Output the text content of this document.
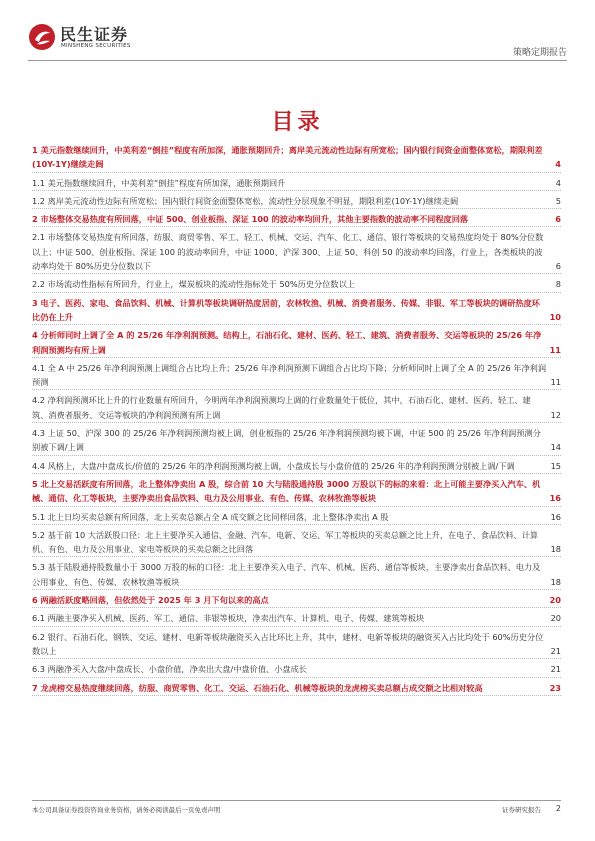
民生证券
MINSHENG SECURITIES
策略定期报告
目录
1 美元指数继续回升，中美利差“倒挂”程度有所加深，通胀预期回升；离岸美元流动性边际有所宽松；国内银行间资金面整体宽松，期限利差(10Y-1Y)继续走阔	4
1.1 美元指数继续回升，中美利差“倒挂”程度有所加深，通胀预期回升	4
1.2 离岸美元流动性边际有所宽松；国内银行间资金面整体宽松，流动性分层现象不明显，期限利差(10Y-1Y)继续走阔	5
2 市场整体交易热度有所回落，中证 500、创业板指、深证 100 的波动率均回升，其他主要指数的波动率不同程度回落	6
2.1 市场整体交易热度有所回落，纺服、商贸零售、军工、轻工、机械、交运、汽车、化工、通信、银行等板块的交易热度均处于 80%分位数以上；中证 500、创业板指、深证 100 的波动率回升，中证 1000、沪深 300、上证 50、科创 50 的波动率均回落，行业上，各类板块的波动率均处于 80%历史分位数以下	6
2.2 市场流动性指标有所回升，行业上，煤炭板块的流动性指标处于 50%历史分位数以上	8
3 电子、医药、家电、食品饮料、机械、计算机等板块调研热度居前，农林牧渔、机械、消费者服务、传媒、非银、军工等板块的调研热度环比仍在上升	10
4 分析师同时上调了全 A 的 25/26 年净利润预测。结构上，石油石化、建材、医药、轻工、建筑、消费者服务、交运等板块的 25/26 年净利润预测均有所上调	11
4.1 全 A 中 25/26 年净利润预测上调组合占比均上升；25/26 年净利润预测下调组合占比均下降；分析师同时上调了全 A 的 25/26 年净利润预测	11
4.2 净利润预测环比上升的行业数量有所回升，今明两年净利润预测均上调的行业数量处于低位，其中，石油石化、建材、医药、轻工、建筑、消费者服务、交运等板块的净利润预测有所上调	12
4.3 上证 50、沪深 300 的 25/26 年净利润预测均被上调，创业板指的 25/26 年净利润预测均被下调，中证 500 的 25/26 年净利润预测分别被下调/上调	14
4.4 风格上，大盘/中盘成长/价值的 25/26 年的净利润预测均被上调，小盘成长与小盘价值的 25/26 年的净利润预测分别被上调/下调	15
5 北上交易活跃度有所回落，北上整体净卖出 A 股，综合前 10 大与陆股通持股 3000 万股以下的标的来看：北上可能主要净买入汽车、机械、通信、化工等板块，主要净卖出食品饮料、电力及公用事业、有色、传媒、农林牧渔等板块	16
5.1 北上日均买卖总额有所回落，北上买卖总额占全 A 成交额之比同样回落，北上整体净卖出 A 股	16
5.2 基于前 10 大活跃股口径：北上主要净买入通信、金融、汽车、电新、交运、军工等板块的买卖总额之比上升，在电子、食品饮料、计算机、有色、电力及公用事业、家电等板块的买卖总额之比回落	18
5.3 基于陆股通持股数量小于 3000 万股的标的口径：北上主要净买入电子、汽车、机械、医药、通信等板块，主要净卖出食品饮料、电力及公用事业、有色、传媒、农林牧渔等板块	18
6 两融活跃度略回落，但依然处于 2025 年 3 月下旬以来的高点	20
6.1 两融主要净买入机械、医药、军工、通信、非银等板块，净卖出汽车、计算机、电子、传媒、建筑等板块	20
6.2 银行、石油石化、钢铁、交运、建材、电新等板块融资买入占比环比上升，其中，建材、电新等板块的融资买入占比均处于 60%历史分位数以上	21
6.3 两融净买入大盘/中盘成长、小盘价值，净卖出大盘/中盘价值、小盘成长	21
7 龙虎榜交易热度继续回落，纺服、商贸零售、化工、交运、石油石化、机械等板块的龙虎榜买卖总额占成交额之比相对较高	23
本公司具备证券投资咨询业务资格，请务必阅读最后一页免责声明	证券研究报告 2
